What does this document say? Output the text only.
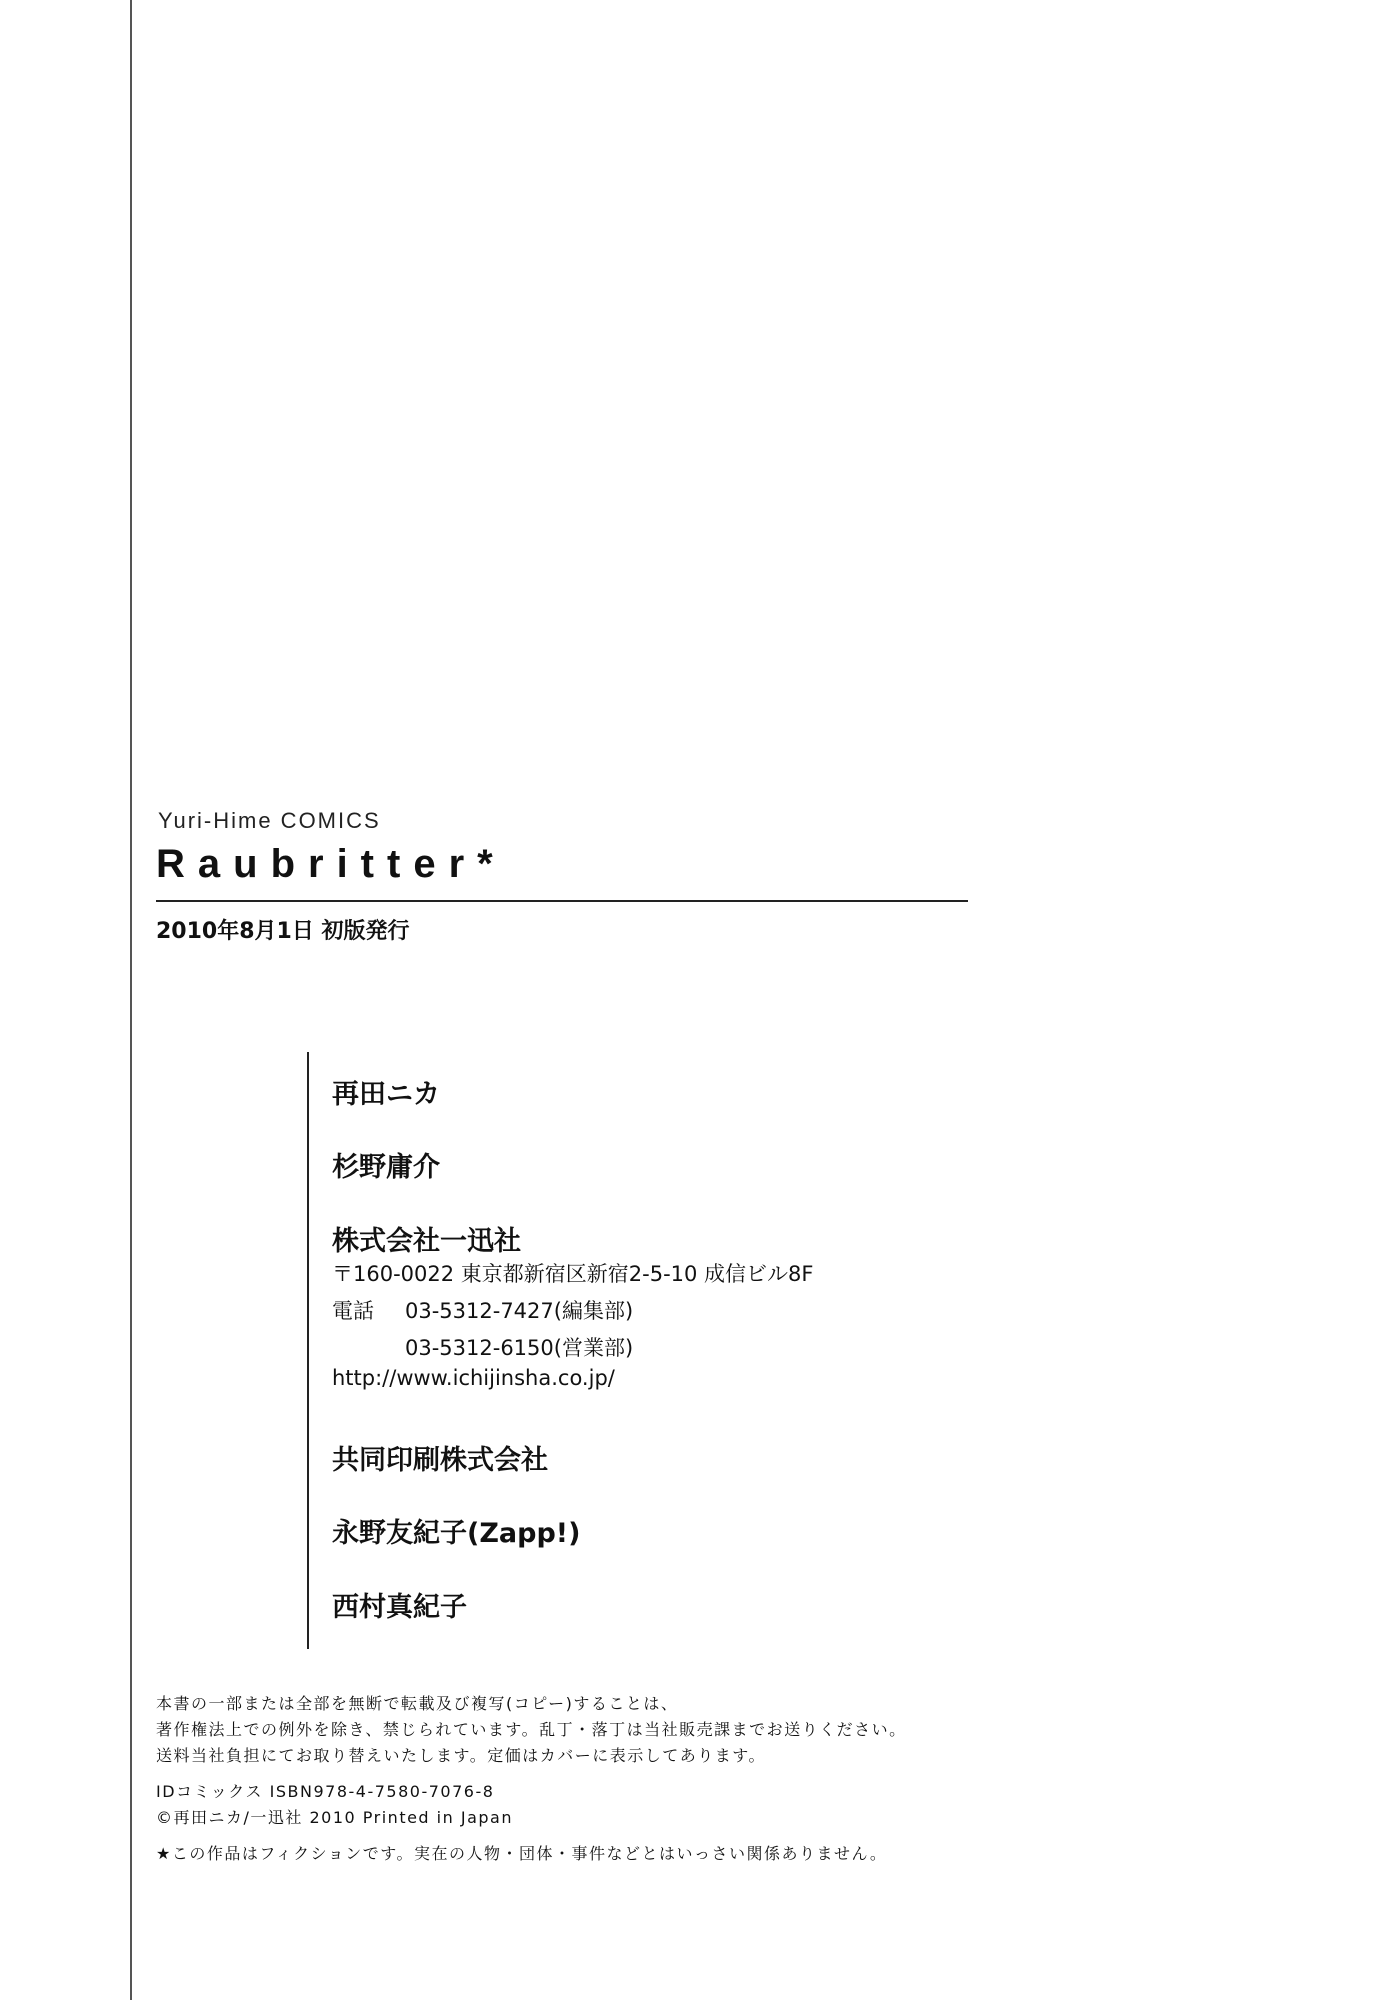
Yuri-Hime COMICS
Raubritter*
2010年8月1日 初版発行
再田ニカ
杉野庸介
株式会社一迅社
〒160-0022 東京都新宿区新宿2-5-10 成信ビル8F
電話 03-5312-7427(編集部)
03-5312-6150(営業部)
http://www.ichijinsha.co.jp/
共同印刷株式会社
永野友紀子(Zapp!)
西村真紀子
本書の一部または全部を無断で転載及び複写(コピー)することは、
著作権法上での例外を除き、禁じられています。乱丁・落丁は当社販売課までお送りください。
送料当社負担にてお取り替えいたします。定価はカバーに表示してあります。
IDコミックス ISBN978-4-7580-7076-8
©再田ニカ/一迅社 2010 Printed in Japan
★この作品はフィクションです。実在の人物・団体・事件などとはいっさい関係ありません。
